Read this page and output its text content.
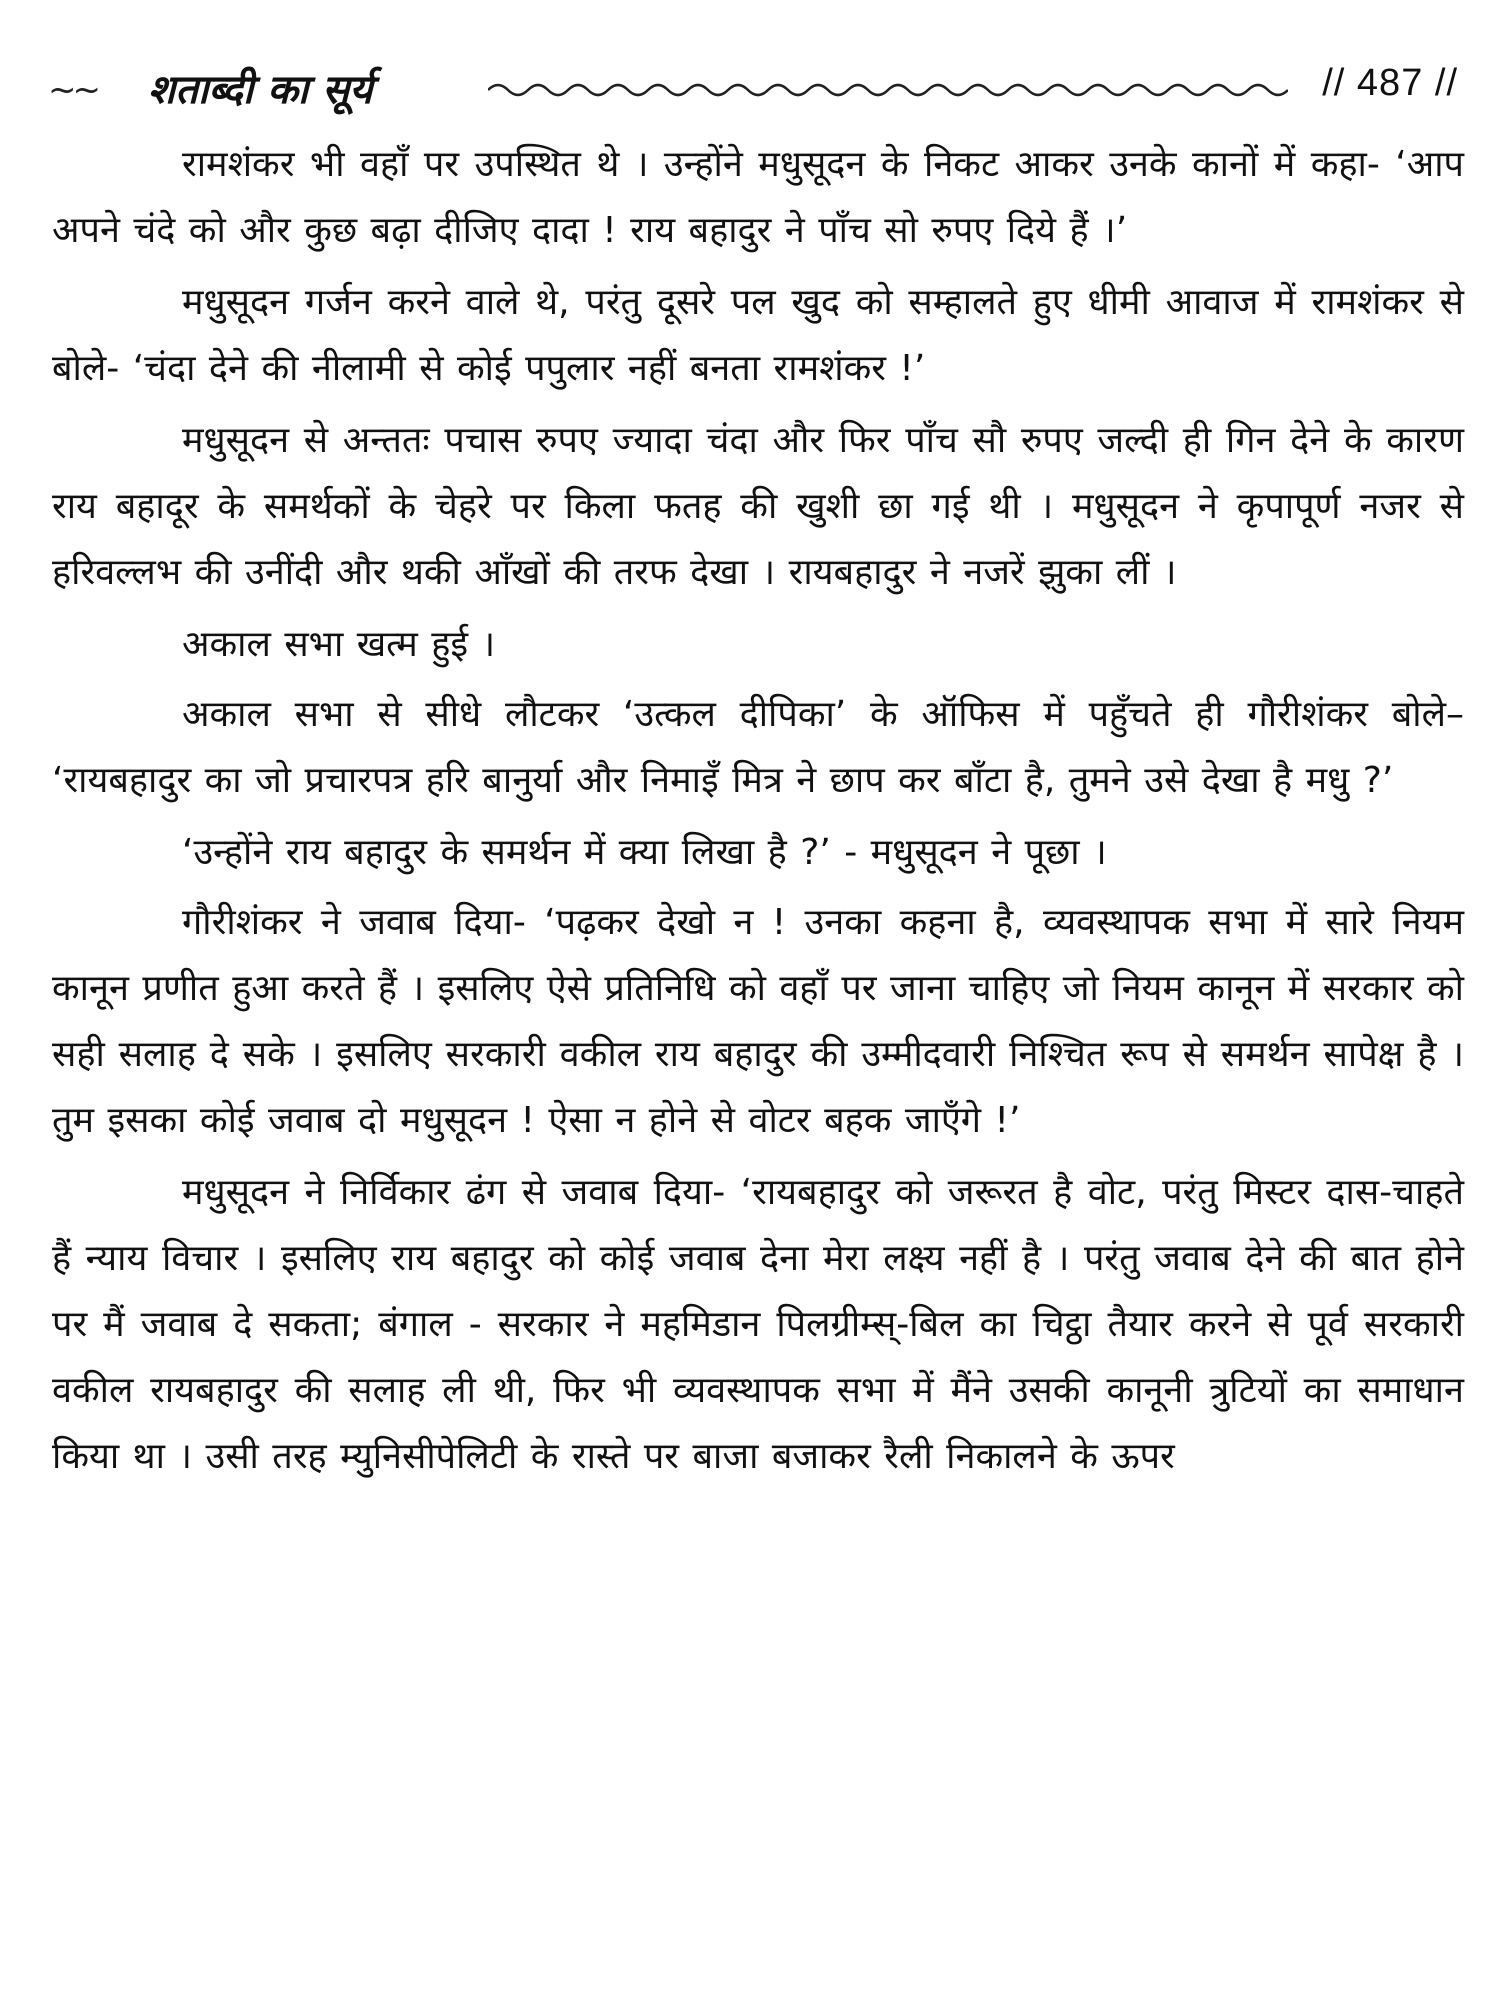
~~ शताब्दी का सूर्य	// 487 //

रामशंकर भी वहाँ पर उपस्थित थे । उन्होंने मधुसूदन के निकट आकर उनके कानों में कहा- ‘आप अपने चंदे को और कुछ बढ़ा दीजिए दादा ! राय बहादुर ने पाँच सो रुपए दिये हैं ।’

मधुसूदन गर्जन करने वाले थे, परंतु दूसरे पल खुद को सम्हालते हुए धीमी आवाज में रामशंकर से बोले- ‘चंदा देने की नीलामी से कोई पपुलार नहीं बनता रामशंकर !’

मधुसूदन से अन्ततः पचास रुपए ज्यादा चंदा और फिर पाँच सौ रुपए जल्दी ही गिन देने के कारण राय बहादूर के समर्थकों के चेहरे पर किला फतह की खुशी छा गई थी । मधुसूदन ने कृपापूर्ण नजर से हरिवल्लभ की उनींदी और थकी आँखों की तरफ देखा । रायबहादुर ने नजरें झुका लीं ।

अकाल सभा खत्म हुई ।

अकाल सभा से सीधे लौटकर ‘उत्कल दीपिका’ के ऑफिस में पहुँचते ही गौरीशंकर बोले– ‘रायबहादुर का जो प्रचारपत्र हरि बानुर्या और निमाइँ मित्र ने छाप कर बाँटा है, तुमने उसे देखा है मधु ?’

‘उन्होंने राय बहादुर के समर्थन में क्या लिखा है ?’ - मधुसूदन ने पूछा ।

गौरीशंकर ने जवाब दिया- ‘पढ़कर देखो न ! उनका कहना है, व्यवस्थापक सभा में सारे नियम कानून प्रणीत हुआ करते हैं । इसलिए ऐसे प्रतिनिधि को वहाँ पर जाना चाहिए जो नियम कानून में सरकार को सही सलाह दे सके । इसलिए सरकारी वकील राय बहादुर की उम्मीदवारी निश्चित रूप से समर्थन सापेक्ष है । तुम इसका कोई जवाब दो मधुसूदन ! ऐसा न होने से वोटर बहक जाएँगे !’

मधुसूदन ने निर्विकार ढंग से जवाब दिया- ‘रायबहादुर को जरूरत है वोट, परंतु मिस्टर दास-चाहते हैं न्याय विचार । इसलिए राय बहादुर को कोई जवाब देना मेरा लक्ष्य नहीं है । परंतु जवाब देने की बात होने पर मैं जवाब दे सकता; बंगाल - सरकार ने महमिडान पिलग्रीम्स्-बिल का चिट्ठा तैयार करने से पूर्व सरकारी वकील रायबहादुर की सलाह ली थी, फिर भी व्यवस्थापक सभा में मैंने उसकी कानूनी त्रुटियों का समाधान किया था । उसी तरह म्युनिसीपेलिटी के रास्ते पर बाजा बजाकर रैली निकालने के ऊपर
